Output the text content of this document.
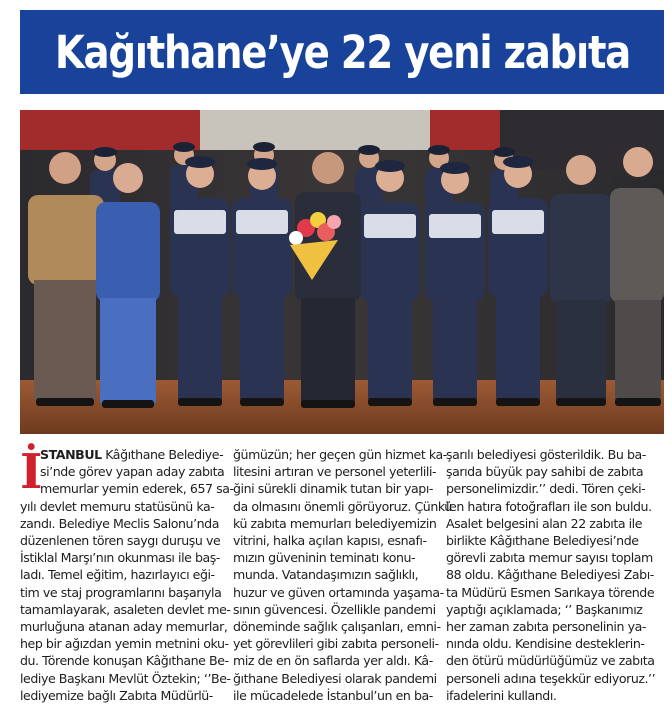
Kağıthane’ye 22 yeni zabıta
İ

STANBUL Kâğıthane Belediye-

si’nde görev yapan aday zabıta

memurlar yemin ederek, 657 sa-

yılı devlet memuru statüsünü ka-

zandı. Belediye Meclis Salonu’nda

düzenlenen tören saygı duruşu ve

İstiklal Marşı’nın okunması ile baş-

ladı. Temel eğitim, hazırlayıcı eği-

tim ve staj programlarını başarıyla

tamamlayarak, asaleten devlet me-

murluğuna atanan aday memurlar,

hep bir ağızdan yemin metnini oku-

du. Törende konuşan Kâğıthane Be-

lediye Başkanı Mevlüt Öztekin; ‘’Be-

lediyemize bağlı Zabıta Müdürlü-

ğümüzün; her geçen gün hizmet ka-

litesini artıran ve personel yeterlili-

ğini sürekli dinamik tutan bir yapı-

da olmasını önemli görüyoruz. Çünkü

kü zabıta memurları belediyemizin

vitrini, halka açılan kapısı, esnafı-

mızın güveninin teminatı konu-

munda. Vatandaşımızın sağlıklı,

huzur ve güven ortamında yaşama-

sının güvencesi. Özellikle pandemi

döneminde sağlık çalışanları, emni-

yet görevlileri gibi zabıta personeli-

miz de en ön saflarda yer aldı. Kâ-

ğıthane Belediyesi olarak pandemi

ile mücadelede İstanbul’un en ba-

şarılı belediyesi gösterildik. Bu ba-

şarıda büyük pay sahibi de zabıta

personelimizdir.’’ dedi. Tören çeki-

len hatıra fotoğrafları ile son buldu.

Asalet belgesini alan 22 zabıta ile

birlikte Kâğıthane Belediyesi’nde

görevli zabıta memur sayısı toplam

88 oldu. Kâğıthane Belediyesi Zabı-

ta Müdürü Esmen Sarıkaya törende

yaptığı açıklamada; ‘’ Başkanımız

her zaman zabıta personelinin ya-

nında oldu. Kendisine desteklerin-

den ötürü müdürlüğümüz ve zabıta

personeli adına teşekkür ediyoruz.’’

ifadelerini kullandı.
